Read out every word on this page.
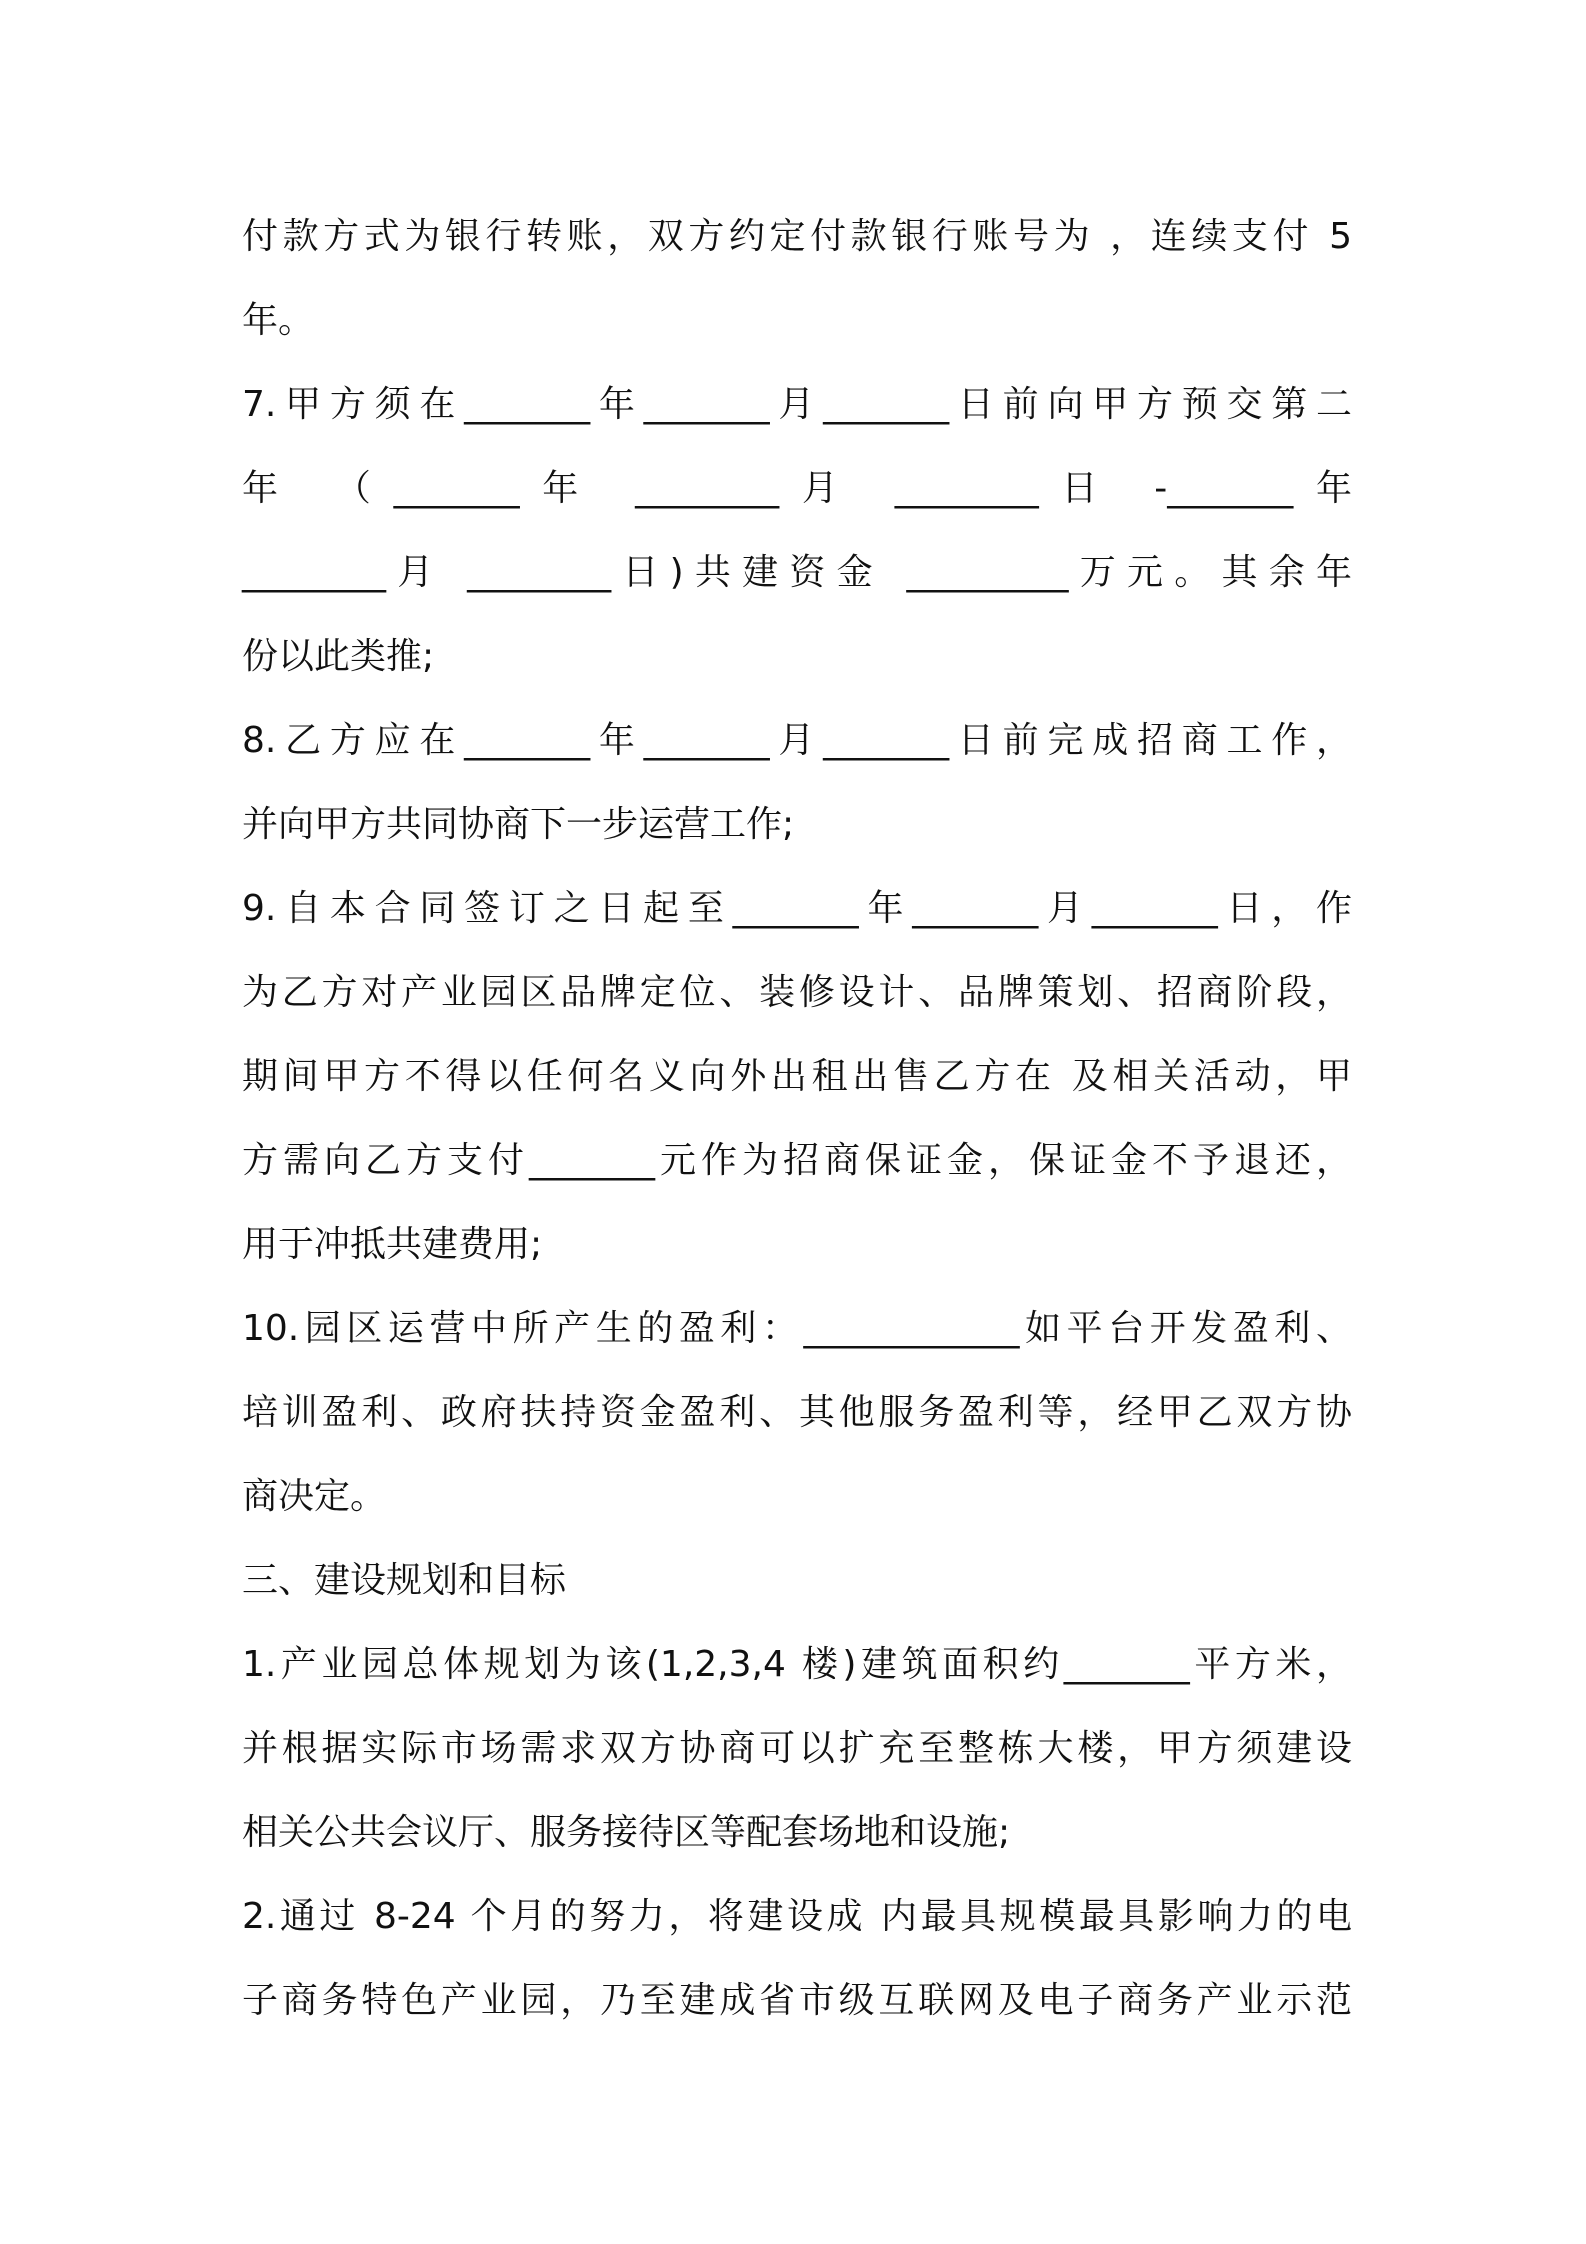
付款方式为银行转账，双方约定付款银行账号为 ，连续支付 5
年。
7.甲方须在_______年_______月_______日前向甲方预交第二
年 （_______年 ________月 ________日 -_______年
________月 ________日)共建资金 _________万元。其余年
份以此类推;
8.乙方应在_______年_______月_______日前完成招商工作，
并向甲方共同协商下一步运营工作;
9.自本合同签订之日起至_______年_______月_______日，作
为乙方对产业园区品牌定位、装修设计、品牌策划、招商阶段，
期间甲方不得以任何名义向外出租出售乙方在 及相关活动，甲
方需向乙方支付_______元作为招商保证金，保证金不予退还，
用于冲抵共建费用;
10.园区运营中所产生的盈利：____________如平台开发盈利、
培训盈利、政府扶持资金盈利、其他服务盈利等，经甲乙双方协
商决定。
三、建设规划和目标
1.产业园总体规划为该(1,2,3,4 楼)建筑面积约_______平方米，
并根据实际市场需求双方协商可以扩充至整栋大楼，甲方须建设
相关公共会议厅、服务接待区等配套场地和设施;
2.通过 8-24 个月的努力，将建设成 内最具规模最具影响力的电
子商务特色产业园，乃至建成省市级互联网及电子商务产业示范
